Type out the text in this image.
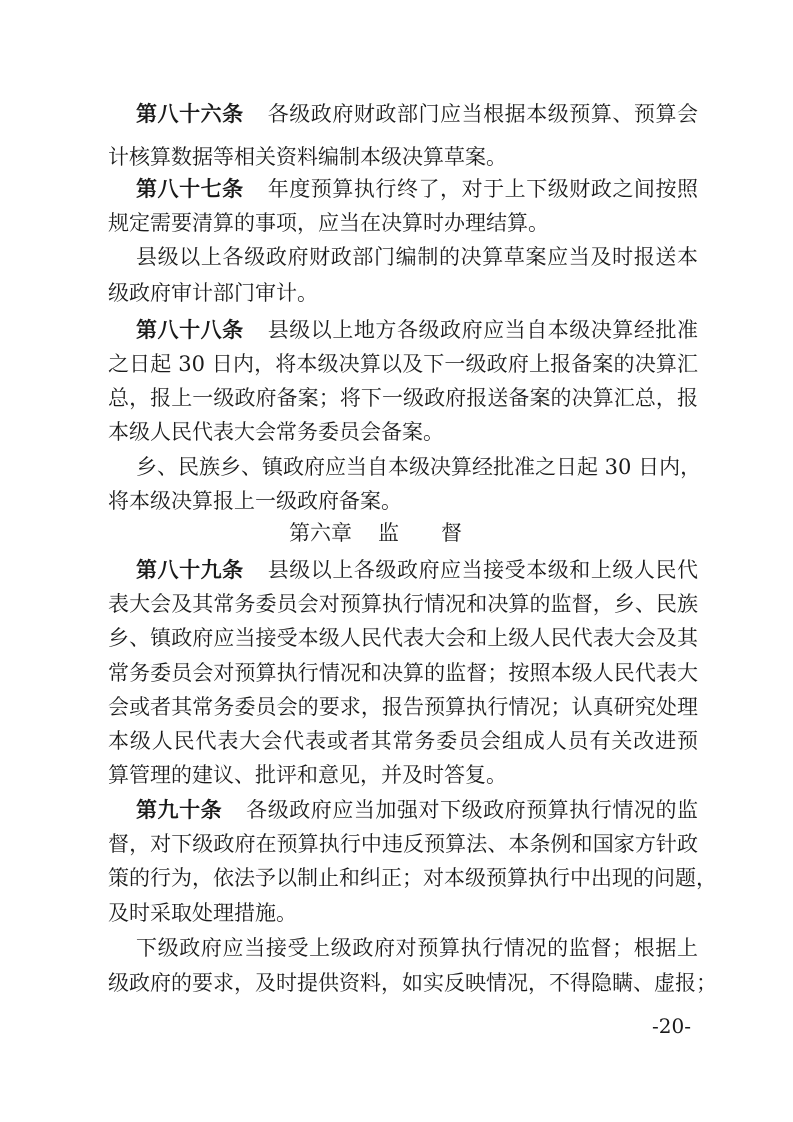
第八十六条 各级政府财政部门应当根据本级预算、预算会
计核算数据等相关资料编制本级决算草案。
第八十七条 年度预算执行终了，对于上下级财政之间按照
规定需要清算的事项，应当在决算时办理结算。
县级以上各级政府财政部门编制的决算草案应当及时报送本
级政府审计部门审计。
第八十八条 县级以上地方各级政府应当自本级决算经批准
之日起 30 日内，将本级决算以及下一级政府上报备案的决算汇
总，报上一级政府备案；将下一级政府报送备案的决算汇总，报
本级人民代表大会常务委员会备案。
乡、民族乡、镇政府应当自本级决算经批准之日起 30 日内，
将本级决算报上一级政府备案。
第六章 监督
第八十九条 县级以上各级政府应当接受本级和上级人民代
表大会及其常务委员会对预算执行情况和决算的监督，乡、民族
乡、镇政府应当接受本级人民代表大会和上级人民代表大会及其
常务委员会对预算执行情况和决算的监督；按照本级人民代表大
会或者其常务委员会的要求，报告预算执行情况；认真研究处理
本级人民代表大会代表或者其常务委员会组成人员有关改进预
算管理的建议、批评和意见，并及时答复。
第九十条 各级政府应当加强对下级政府预算执行情况的监
督，对下级政府在预算执行中违反预算法、本条例和国家方针政
策的行为，依法予以制止和纠正；对本级预算执行中出现的问题，
及时采取处理措施。
下级政府应当接受上级政府对预算执行情况的监督；根据上
级政府的要求，及时提供资料，如实反映情况，不得隐瞒、虚报；
-20-
